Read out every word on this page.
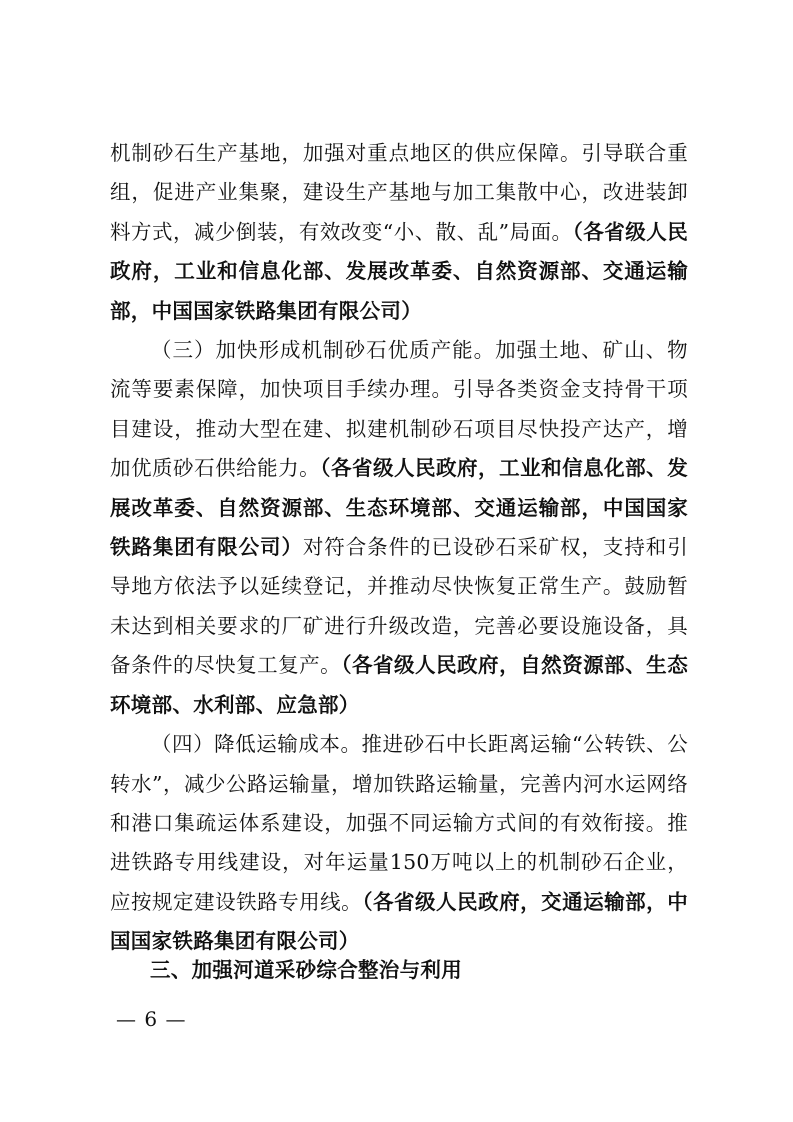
机制砂石生产基地，加强对重点地区的供应保障。引导联合重组，促进产业集聚，建设生产基地与加工集散中心，改进装卸料方式，减少倒装，有效改变“小、散、乱”局面。（各省级人民政府，工业和信息化部、发展改革委、自然资源部、交通运输部，中国国家铁路集团有限公司）

（三）加快形成机制砂石优质产能。加强土地、矿山、物流等要素保障，加快项目手续办理。引导各类资金支持骨干项目建设，推动大型在建、拟建机制砂石项目尽快投产达产，增加优质砂石供给能力。（各省级人民政府，工业和信息化部、发展改革委、自然资源部、生态环境部、交通运输部，中国国家铁路集团有限公司）对符合条件的已设砂石采矿权，支持和引导地方依法予以延续登记，并推动尽快恢复正常生产。鼓励暂未达到相关要求的厂矿进行升级改造，完善必要设施设备，具备条件的尽快复工复产。（各省级人民政府，自然资源部、生态环境部、水利部、应急部）

（四）降低运输成本。推进砂石中长距离运输“公转铁、公转水”，减少公路运输量，增加铁路运输量，完善内河水运网络和港口集疏运体系建设，加强不同运输方式间的有效衔接。推进铁路专用线建设，对年运量150万吨以上的机制砂石企业，应按规定建设铁路专用线。（各省级人民政府，交通运输部，中国国家铁路集团有限公司）

三、加强河道采砂综合整治与利用
— 6 —
